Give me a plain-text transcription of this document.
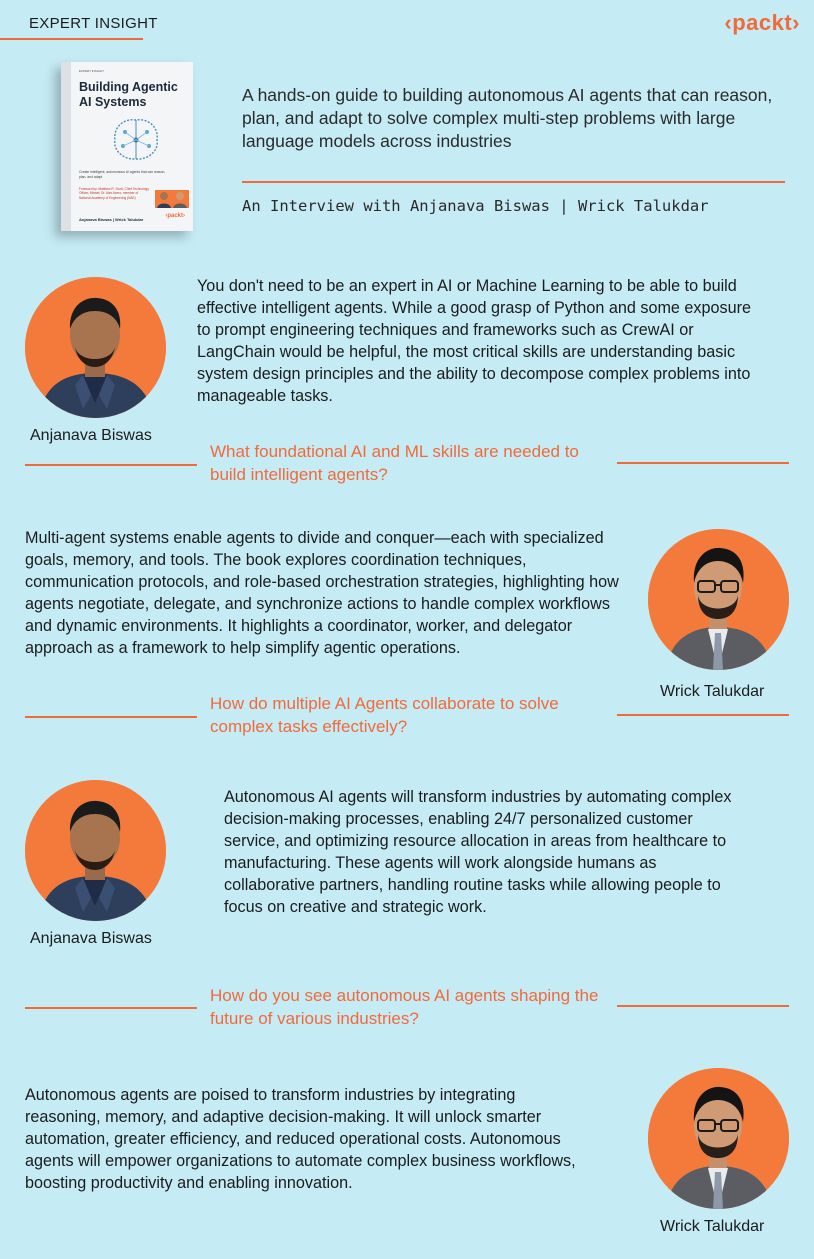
EXPERT INSIGHT	‹packt›
EXPERT INSIGHT
Building Agentic AI Systems
Create intelligent, autonomous AI agents that can reason, plan, and adapt
Foreword by: Matthew R. Scott, Chief Technology Officer, Minset; Dr. Alex Acero, member of National Academy of Engineering (NAE)
Anjanava Biswas | Wrick Talukdar
‹packt›
A hands-on guide to building autonomous AI agents that can reason, plan, and adapt to solve complex multi-step problems with large language models across industries
An Interview with Anjanava Biswas | Wrick Talukdar
You don't need to be an expert in AI or Machine Learning to be able to build effective intelligent agents. While a good grasp of Python and some exposure to prompt engineering techniques and frameworks such as CrewAI or LangChain would be helpful, the most critical skills are understanding basic system design principles and the ability to decompose complex problems into manageable tasks.
Anjanava Biswas
What foundational AI and ML skills are needed to build intelligent agents?
Multi-agent systems enable agents to divide and conquer—each with specialized goals, memory, and tools. The book explores coordination techniques, communication protocols, and role-based orchestration strategies, highlighting how agents negotiate, delegate, and synchronize actions to handle complex workflows and dynamic environments. It highlights a coordinator, worker, and delegator approach as a framework to help simplify agentic operations.
Wrick Talukdar
How do multiple AI Agents collaborate to solve complex tasks effectively?
Autonomous AI agents will transform industries by automating complex decision-making processes, enabling 24/7 personalized customer service, and optimizing resource allocation in areas from healthcare to manufacturing. These agents will work alongside humans as collaborative partners, handling routine tasks while allowing people to focus on creative and strategic work.
Anjanava Biswas
How do you see autonomous AI agents shaping the future of various industries?
Autonomous agents are poised to transform industries by integrating reasoning, memory, and adaptive decision-making. It will unlock smarter automation, greater efficiency, and reduced operational costs. Autonomous agents will empower organizations to automate complex business workflows, boosting productivity and enabling innovation.
Wrick Talukdar
